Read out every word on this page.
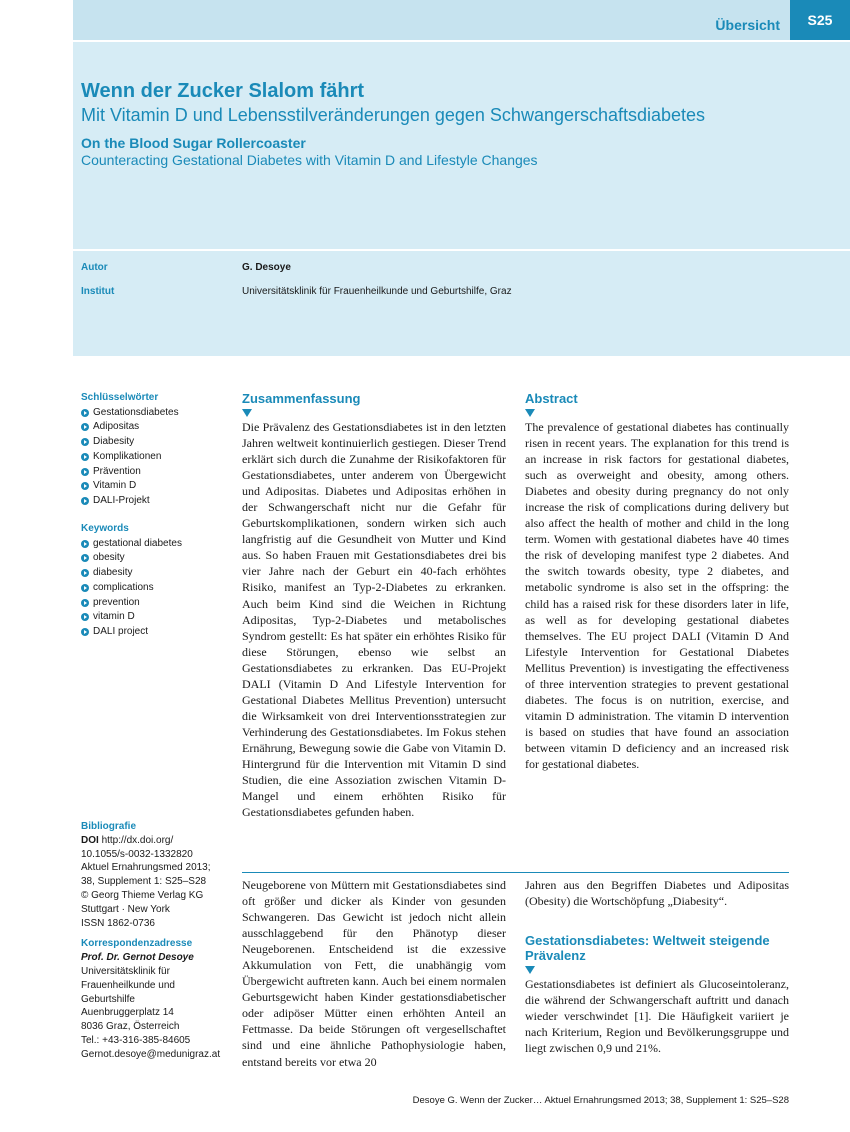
Übersicht	S25
Wenn der Zucker Slalom fährt
Mit Vitamin D und Lebensstilveränderungen gegen Schwangerschaftsdiabetes
On the Blood Sugar Rollercoaster
Counteracting Gestational Diabetes with Vitamin D and Lifestyle Changes
Autor	G. Desoye
Institut	Universitätsklinik für Frauenheilkunde und Geburtshilfe, Graz
Schlüsselwörter
Gestationsdiabetes
Adipositas
Diabesity
Komplikationen
Prävention
Vitamin D
DALI-Projekt
Keywords
gestational diabetes
obesity
diabesity
complications
prevention
vitamin D
DALI project
Bibliografie
DOI http://dx.doi.org/
10.1055/s-0032-1332820
Aktuel Ernahrungsmed 2013;
38, Supplement 1: S25–S28
© Georg Thieme Verlag KG
Stuttgart · New York
ISSN 1862-0736
Korrespondenzadresse
Prof. Dr. Gernot Desoye
Universitätsklinik für
Frauenheilkunde und
Geburtshilfe
Auenbruggerplatz 14
8036 Graz, Österreich
Tel.: +43-316-385-84605
Gernot.desoye@medunigraz.at
Zusammenfassung
Die Prävalenz des Gestationsdiabetes ist in den letzten Jahren weltweit kontinuierlich gestiegen. Dieser Trend erklärt sich durch die Zunahme der Risikofaktoren für Gestationsdiabetes, unter anderem von Übergewicht und Adipositas. Diabetes und Adipositas erhöhen in der Schwangerschaft nicht nur die Gefahr für Geburtskomplikationen, sondern wirken sich auch langfristig auf die Gesundheit von Mutter und Kind aus. So haben Frauen mit Gestationsdiabetes drei bis vier Jahre nach der Geburt ein 40-fach erhöhtes Risiko, manifest an Typ-2-Diabetes zu erkranken. Auch beim Kind sind die Weichen in Richtung Adipositas, Typ-2-Diabetes und metabolisches Syndrom gestellt: Es hat später ein erhöhtes Risiko für diese Störungen, ebenso wie selbst an Gestationsdiabetes zu erkranken. Das EU-Projekt DALI (Vitamin D And Lifestyle Intervention for Gestational Diabetes Mellitus Prevention) untersucht die Wirksamkeit von drei Interventionsstrategien zur Verhinderung des Gestationsdiabetes. Im Fokus stehen Ernährung, Bewegung sowie die Gabe von Vitamin D. Hintergrund für die Intervention mit Vitamin D sind Studien, die eine Assoziation zwischen Vitamin D-Mangel und einem erhöhten Risiko für Gestationsdiabetes gefunden haben.
Abstract
The prevalence of gestational diabetes has continually risen in recent years. The explanation for this trend is an increase in risk factors for gestational diabetes, such as overweight and obesity, among others. Diabetes and obesity during pregnancy do not only increase the risk of complications during delivery but also affect the health of mother and child in the long term. Women with gestational diabetes have 40 times the risk of developing manifest type 2 diabetes. And the switch towards obesity, type 2 diabetes, and metabolic syndrome is also set in the offspring: the child has a raised risk for these disorders later in life, as well as for developing gestational diabetes themselves. The EU project DALI (Vitamin D And Lifestyle Intervention for Gestational Diabetes Mellitus Prevention) is investigating the effectiveness of three intervention strategies to prevent gestational diabetes. The focus is on nutrition, exercise, and vitamin D administration. The vitamin D intervention is based on studies that have found an association between vitamin D deficiency and an increased risk for gestational diabetes.
Neugeborene von Müttern mit Gestationsdiabetes sind oft größer und dicker als Kinder von gesunden Schwangeren. Das Gewicht ist jedoch nicht allein ausschlaggebend für den Phänotyp dieser Neugeborenen. Entscheidend ist die exzessive Akkumulation von Fett, die unabhängig vom Übergewicht auftreten kann. Auch bei einem normalen Geburtsgewicht haben Kinder gestationsdiabetischer oder adipöser Mütter einen erhöhten Anteil an Fettmasse. Da beide Störungen oft vergesellschaftet sind und eine ähnliche Pathophysiologie haben, entstand bereits vor etwa 20
Jahren aus den Begriffen Diabetes und Adipositas (Obesity) die Wortschöpfung „Diabesity“.
Gestationsdiabetes: Weltweit steigende Prävalenz
Gestationsdiabetes ist definiert als Glucoseintoleranz, die während der Schwangerschaft auftritt und danach wieder verschwindet [1]. Die Häufigkeit variiert je nach Kriterium, Region und Bevölkerungsgruppe und liegt zwischen 0,9 und 21%.
Desoye G. Wenn der Zucker… Aktuel Ernahrungsmed 2013; 38, Supplement 1: S25–S28
